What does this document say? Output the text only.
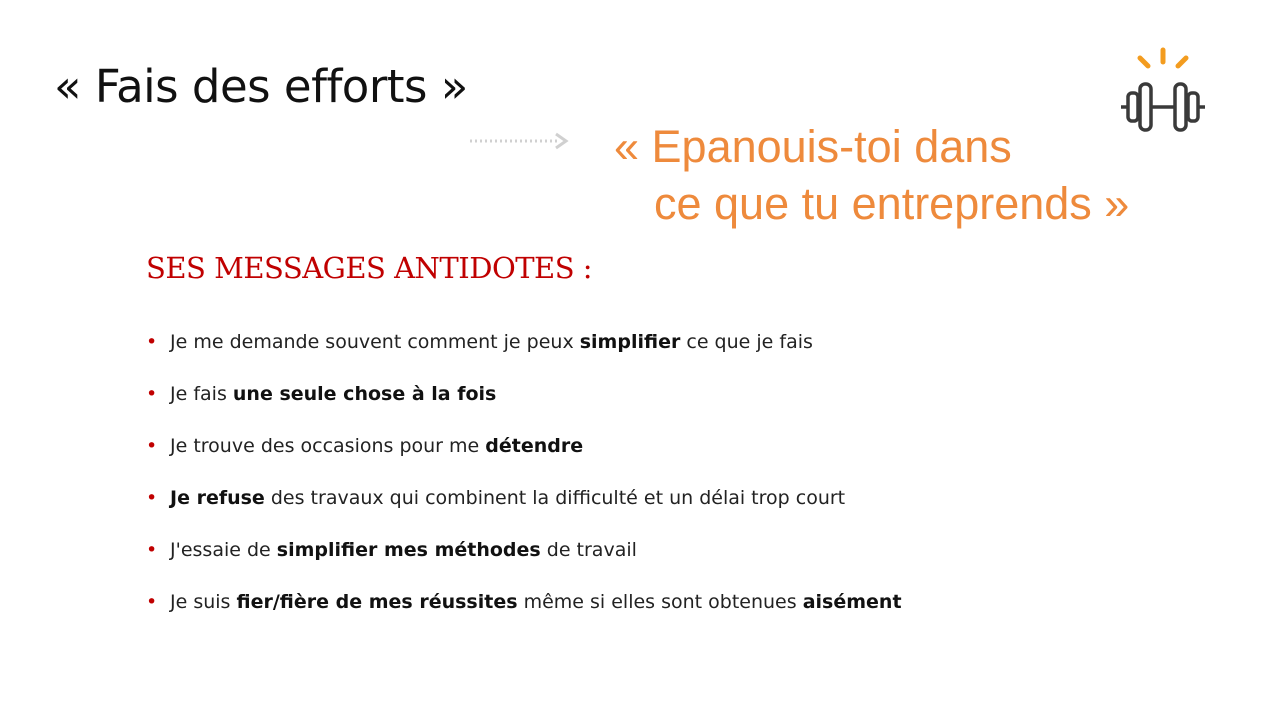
« Fais des efforts »
« Epanouis-toi dans
ce que tu entreprends »
SES MESSAGES ANTIDOTES :
• Je me demande souvent comment je peux simplifier ce que je fais
• Je fais une seule chose à la fois
• Je trouve des occasions pour me détendre
• Je refuse des travaux qui combinent la difficulté et un délai trop court
• J'essaie de simplifier mes méthodes de travail
• Je suis fier/fière de mes réussites même si elles sont obtenues aisément
